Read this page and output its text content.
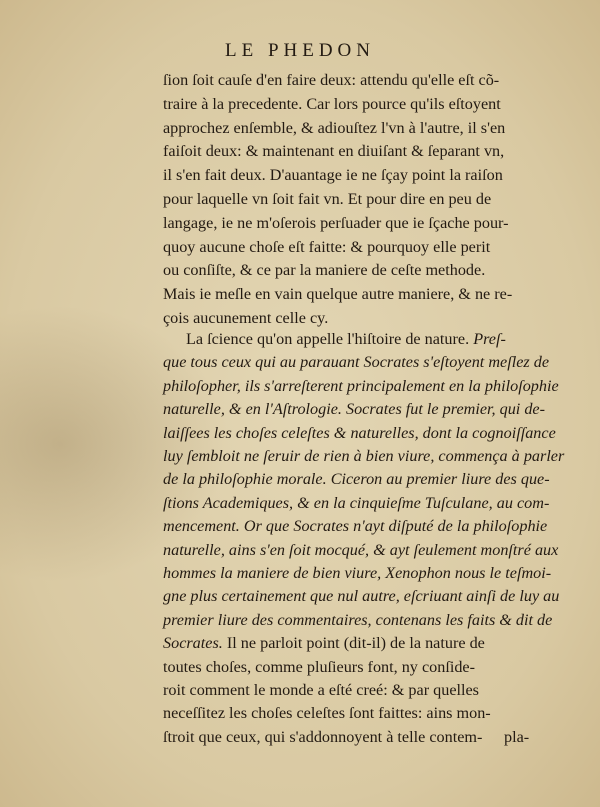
LE PHEDON
ſion ſoit cauſe d'en faire deux: attendu qu'elle eſt cõ-
traire à la precedente. Car lors pource qu'ils eſtoyent
approchez enſemble, & adiouſtez l'vn à l'autre, il s'en
faiſoit deux: & maintenant en diuiſant & ſeparant vn,
il s'en fait deux. D'auantage ie ne ſçay point la raiſon
pour laquelle vn ſoit fait vn. Et pour dire en peu de
langage, ie ne m'oſerois perſuader que ie ſçache pour-
quoy aucune choſe eſt faitte: & pourquoy elle perit
ou conſiſte, & ce par la maniere de ceſte methode.
Mais ie meſle en vain quelque autre maniere, & ne re-
çois aucunement celle cy.
La ſcience qu'on appelle l'hiſtoire de nature. Preſ-
que tous ceux qui au parauant Socrates s'eſtoyent meſlez de
philoſopher, ils s'arreſterent principalement en la philoſophie
naturelle, & en l'Aſtrologie. Socrates fut le premier, qui de-
laiſſees les choſes celeſtes & naturelles, dont la cognoiſſance
luy ſembloit ne ſeruir de rien à bien viure, commença à parler
de la philoſophie morale. Ciceron au premier liure des que-
ſtions Academiques, & en la cinquieſme Tuſculane, au com-
mencement. Or que Socrates n'ayt diſputé de la philoſophie
naturelle, ains s'en ſoit mocqué, & ayt ſeulement monſtré aux
hommes la maniere de bien viure, Xenophon nous le teſmoi-
gne plus certainement que nul autre, eſcriuant ainſi de luy au
premier liure des commentaires, contenans les faits & dit de
Socrates. Il ne parloit point (dit-il) de la nature de
toutes choſes, comme pluſieurs font, ny conſide-
roit comment le monde a eſté creé: & par quelles
neceſſitez les choſes celeſtes ſont faittes: ains mon-
ſtroit que ceux, qui s'addonnoyent à telle contem-	pla-
